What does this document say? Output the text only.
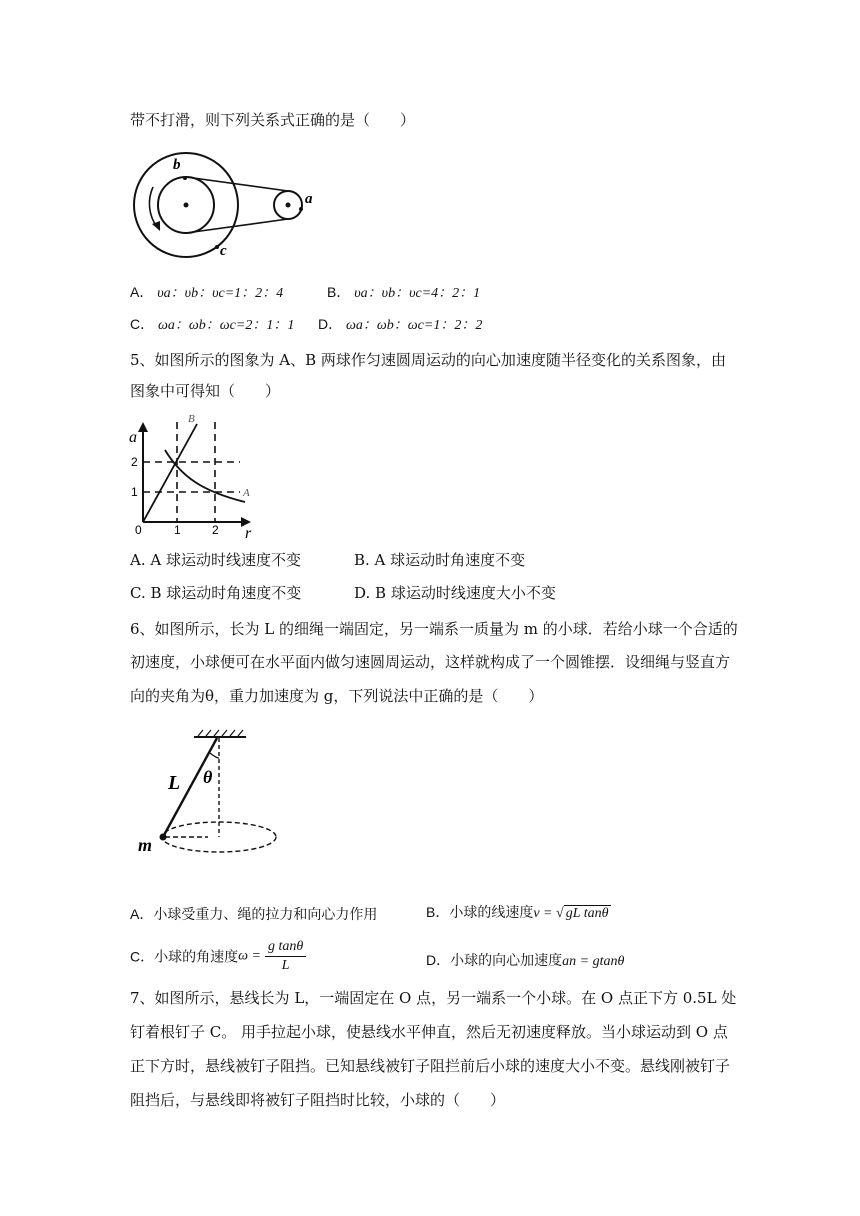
带不打滑，则下列关系式正确的是（　　）
b
a
c
A． υa：υb：υc=1：2：4	B． υa：υb：υc=4：2：1
C． ωa：ωb：ωc=2：1：1 D． ωa：ωb：ωc=1：2：2
5、如图所示的图象为 A、B 两球作匀速圆周运动的向心加速度随半径变化的关系图象，由
图象中可得知（　　）
a
r
0	1	2
1
2
B
A
A. A 球运动时线速度不变	B. A 球运动时角速度不变
C. B 球运动时角速度不变	D. B 球运动时线速度大小不变
6、如图所示，长为 L 的细绳一端固定，另一端系一质量为 m 的小球．若给小球一个合适的
初速度，小球便可在水平面内做匀速圆周运动，这样就构成了一个圆锥摆．设细绳与竖直方
向的夹角为θ，重力加速度为 g，下列说法中正确的是（　　）
L θ
m
A．小球受重力、绳的拉力和向心力作用	B．小球的线速度v = √ gL tanθ
C．小球的角速度$\omega = \frac{\text{g tanθ}}{L}$	D．小球的向心加速度an = gtanθ
7、如图所示，悬线长为 L，一端固定在 O 点，另一端系一个小球。在 O 点正下方 0.5L 处
钉着根钉子 C。 用手拉起小球，使悬线水平伸直，然后无初速度释放。当小球运动到 O 点
正下方时，悬线被钉子阻挡。已知悬线被钉子阻拦前后小球的速度大小不变。悬线刚被钉子
阻挡后，与悬线即将被钉子阻挡时比较，小球的（　　）
